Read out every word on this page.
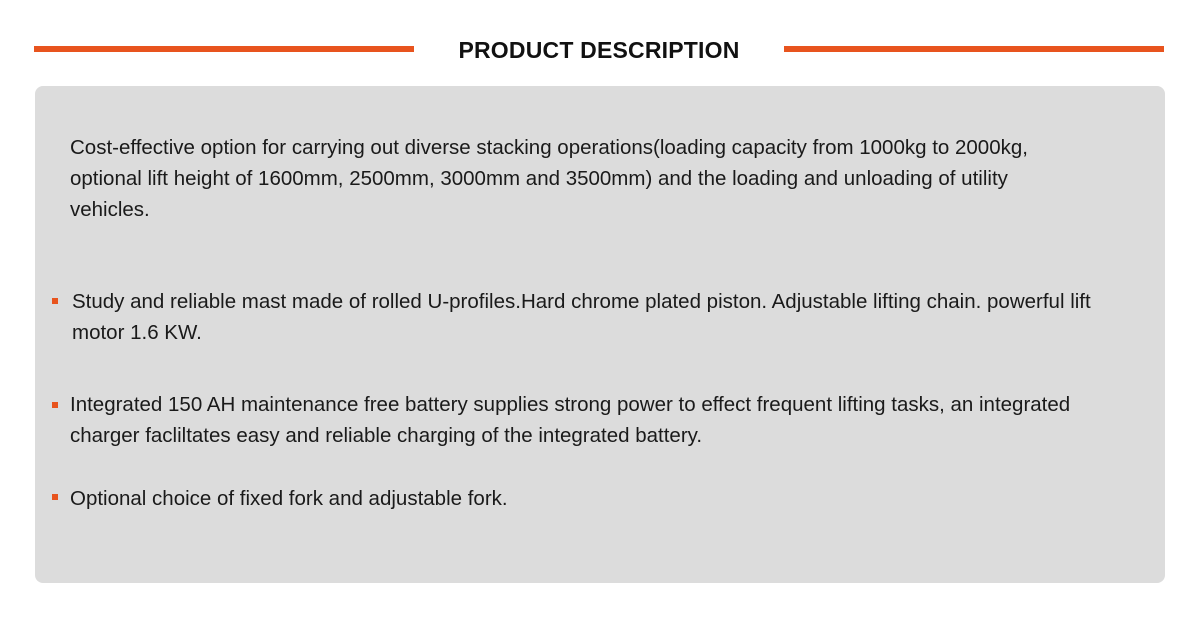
PRODUCT DESCRIPTION
Cost-effective option for carrying out diverse stacking operations(loading capacity from 1000kg to 2000kg, optional lift height of 1600mm, 2500mm, 3000mm and 3500mm) and the loading and unloading of utility vehicles.
Study and reliable mast made of rolled U-profiles.Hard chrome plated piston. Adjustable lifting chain. powerful lift motor 1.6 KW.
Integrated 150 AH maintenance free battery supplies strong power to effect frequent lifting tasks, an integrated charger facliltates easy and reliable charging of the integrated battery.
Optional choice of fixed fork and adjustable fork.
